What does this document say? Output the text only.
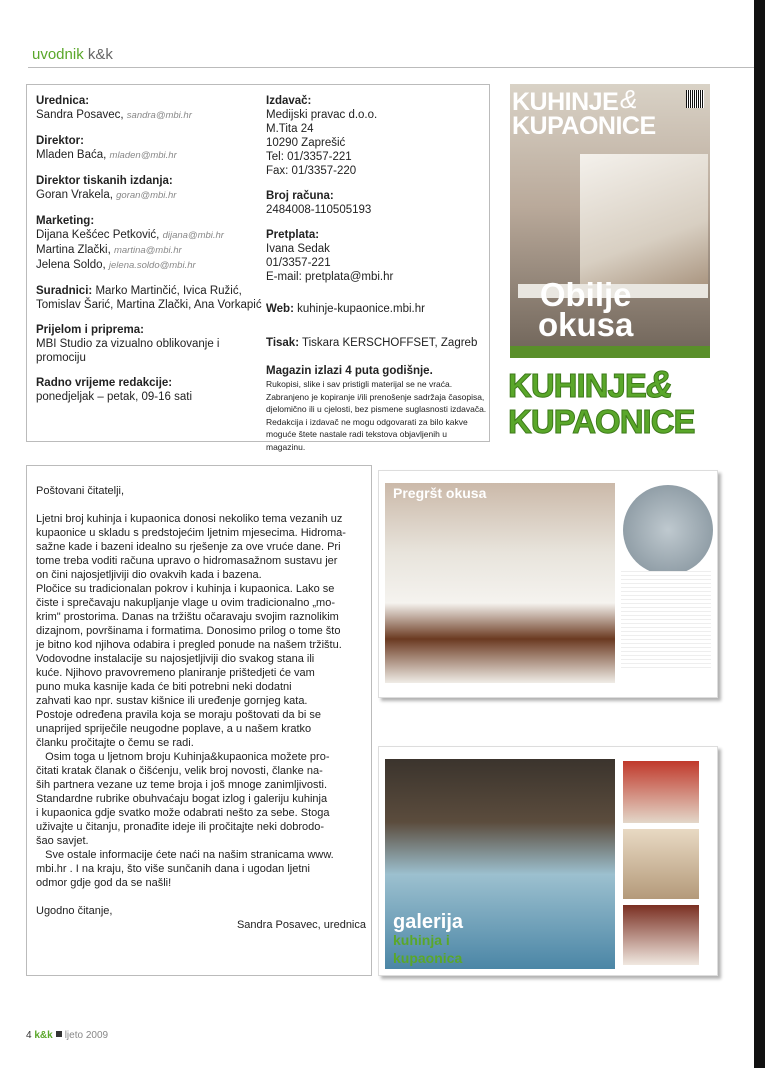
uvodnik k&k
Urednica:
Sandra Posavec, sandra@mbi.hr
Direktor:
Mladen Baća, mladen@mbi.hr
Direktor tiskanih izdanja:
Goran Vrakela, goran@mbi.hr
Marketing:
Dijana Kešćec Petković, dijana@mbi.hr
Martina Zlački, martina@mbi.hr
Jelena Soldo, jelena.soldo@mbi.hr
Suradnici: Marko Martinčić, Ivica Ružić, Tomislav Šarić, Martina Zlački, Ana Vorkapić
Prijelom i priprema:
MBI Studio za vizualno oblikovanje i promociju
Radno vrijeme redakcije:
ponedjeljak – petak, 09-16 sati
Izdavač:
Medijski pravac d.o.o.
M.Tita 24
10290 Zaprešić
Tel: 01/3357-221
Fax: 01/3357-220
Broj računa:
2484008-110505193
Pretplata:
Ivana Sedak
01/3357-221
E-mail: pretplata@mbi.hr
Web: kuhinje-kupaonice.mbi.hr
Tisak: Tiskara KERSCHOFFSET, Zagreb
Magazin izlazi 4 puta godišnje.
Rukopisi, slike i sav pristigli materijal se ne vraća. Zabranjeno je kopiranje i/ili prenošenje sadržaja časopisa, djelomično ili u cjelosti, bez pismene suglasnosti izdavača. Redakcija i izdavač ne mogu odgovarati za bilo kakve moguće štete nastale radi tekstova objavljenih u magazinu.
KUHINJE
KUPAONICE
&
Obilje
okusa
KUHINJE&
KUPAONICE
Poštovani čitatelji,
Ljetni broj kuhinja i kupaonica donosi nekoliko tema vezanih uz
kupaonice u skladu s predstojećim ljetnim mjesecima. Hidroma-
sažne kade i bazeni idealno su rješenje za ove vruće dane. Pri
tome treba voditi računa upravo o hidromasažnom sustavu jer
on čini najosjetljiviji dio ovakvih kada i bazena.
Pločice su tradicionalan pokrov i kuhinja i kupaonica. Lako se
čiste i sprečavaju nakupljanje vlage u ovim tradicionalno „mo-
krim" prostorima. Danas na tržištu očaravaju svojim raznolikim
dizajnom, površinama i formatima. Donosimo prilog o tome što
je bitno kod njihova odabira i pregled ponude na našem tržištu.
Vodovodne instalacije su najosjetljiviji dio svakog stana ili
kuće. Njihovo pravovremeno planiranje prištedjeti će vam
puno muka kasnije kada će biti potrebni neki dodatni
zahvati kao npr. sustav kišnice ili uređenje gornjeg kata.
Postoje određena pravila koja se moraju poštovati da bi se
unaprijed spriječile neugodne poplave, a u našem kratko
članku pročitajte o čemu se radi.
Osim toga u ljetnom broju Kuhinja&kupaonica možete pro-
čitati kratak članak o čišćenju, velik broj novosti, članke na-
ših partnera vezane uz teme broja i još mnoge zanimljivosti.
Standardne rubrike obuhvaćaju bogat izlog i galeriju kuhinja
i kupaonica gdje svatko može odabrati nešto za sebe. Stoga
uživajte u čitanju, pronađite ideje ili pročitajte neki dobrodo-
šao savjet.
Sve ostale informacije ćete naći na našim stranicama www.
mbi.hr . I na kraju, što više sunčanih dana i ugodan ljetni
odmor gdje god da se našli!
Ugodno čitanje,
Sandra Posavec, urednica
Pregršt okusa
galerija
kuhinja i
kupaonica
4 k&k ljeto 2009
